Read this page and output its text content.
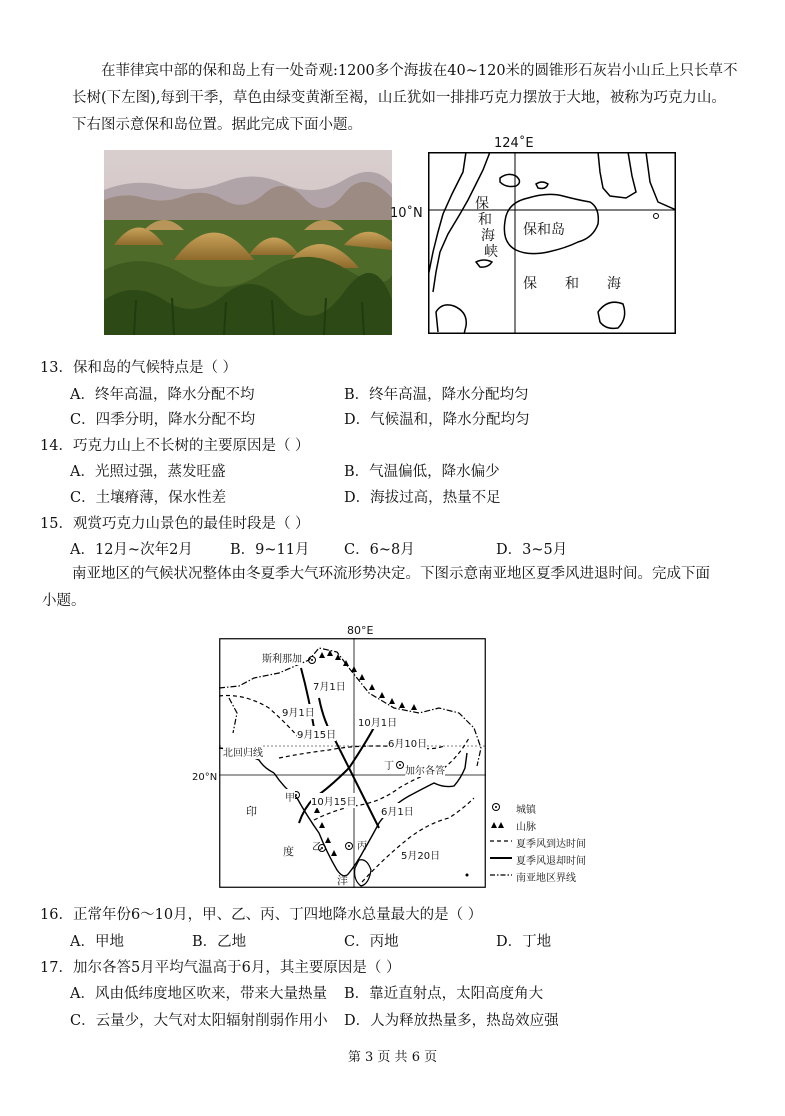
在菲律宾中部的保和岛上有一处奇观:1200多个海拔在40~120米的圆锥形石灰岩小山丘上只长草不长树(下左图),每到干季，草色由绿变黄渐至褐，山丘犹如一排排巧克力摆放于大地，被称为巧克力山。下右图示意保和岛位置。据此完成下面小题。
124˚E
10˚N
保
和
海
峡
保和岛
保 和 海
13．保和岛的气候特点是（ ）
A．终年高温，降水分配不均	B．终年高温，降水分配均匀
C．四季分明，降水分配不均	D．气候温和，降水分配均匀
14．巧克力山上不长树的主要原因是（ ）
A．光照过强，蒸发旺盛	B．气温偏低，降水偏少
C．土壤瘠薄，保水性差	D．海拔过高，热量不足
15．观赏巧克力山景色的最佳时段是（ ）
A．12月~次年2月	B．9~11月 C．6~8月	D．3~5月
南亚地区的气候状况整体由冬夏季大气环流形势决定。下图示意南亚地区夏季风进退时间。完成下面
小题。
80°E
20°N
斯利那加
7月1日
9月1日
9月15日
10月1日
6月10日
北回归线
丁 加尔各答
甲 10月15日
6月1日
印
度 乙	丙
5月20日
洋
城镇
山脉
夏季风到达时间
夏季风退却时间
南亚地区界线
16．正常年份6～10月，甲、乙、丙、丁四地降水总量最大的是（ ）
A．甲地	B．乙地	C．丙地	D．丁地
17．加尔各答5月平均气温高于6月，其主要原因是（ ）
A．风由低纬度地区吹来，带来大量热量 B．靠近直射点，太阳高度角大
C．云量少，大气对太阳辐射削弱作用小 D．人为释放热量多，热岛效应强
第 3 页 共 6 页
